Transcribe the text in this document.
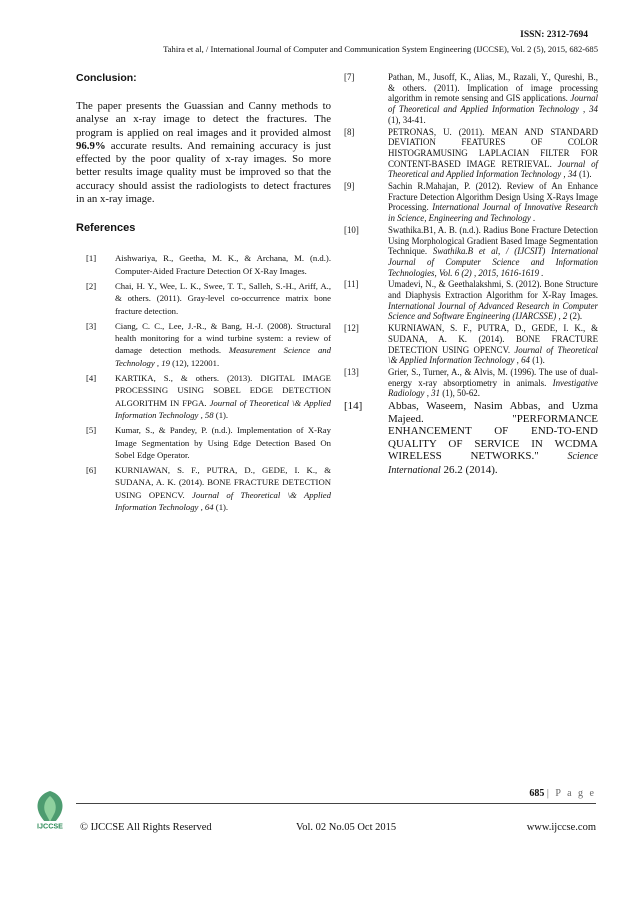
ISSN: 2312-7694
Tahira et al, / International Journal of Computer and Communication System Engineering (IJCCSE), Vol. 2 (5), 2015, 682-685

Conclusion:

The paper presents the Guassian and Canny methods to analyse an x-ray image to detect the fractures. The program is applied on real images and it provided almost 96.9% accurate results. And remaining accuracy is just effected by the poor quality of x-ray images. So more better results image quality must be improved so that the accuracy should assist the radiologists to detect fractures in an x-ray image.

References
[1]	Aishwariya, R., Geetha, M. K., & Archana, M. (n.d.). Computer-Aided Fracture Detection Of X-Ray Images.
[2]	Chai, H. Y., Wee, L. K., Swee, T. T., Salleh, S.-H., Ariff, A., & others. (2011). Gray-level co-occurrence matrix bone fracture detection.
[3]	Ciang, C. C., Lee, J.-R., & Bang, H.-J. (2008). Structural health monitoring for a wind turbine system: a review of damage detection methods. Measurement Science and Technology , 19 (12), 122001.
[4]	KARTIKA, S., & others. (2013). DIGITAL IMAGE PROCESSING USING SOBEL EDGE DETECTION ALGORITHM IN FPGA. Journal of Theoretical \& Applied Information Technology , 58 (1).
[5]	Kumar, S., & Pandey, P. (n.d.). Implementation of X-Ray Image Segmentation by Using Edge Detection Based On Sobel Edge Operator.
[6]	KURNIAWAN, S. F., PUTRA, D., GEDE, I. K., & SUDANA, A. K. (2014). BONE FRACTURE DETECTION USING OPENCV. Journal of Theoretical \& Applied Information Technology , 64 (1).
[7]	Pathan, M., Jusoff, K., Alias, M., Razali, Y., Qureshi, B., & others. (2011). Implication of image processing algorithm in remote sensing and GIS applications. Journal of Theoretical and Applied Information Technology , 34 (1), 34-41.
[8]	PETRONAS, U. (2011). MEAN AND STANDARD DEVIATION FEATURES OF COLOR HISTOGRAMUSING LAPLACIAN FILTER FOR CONTENT-BASED IMAGE RETRIEVAL. Journal of Theoretical and Applied Information Technology , 34 (1).
[9]	Sachin R.Mahajan, P. (2012). Review of An Enhance Fracture Detection Algorithm Design Using X-Rays Image Processing. International Journal of Innovative Research in Science, Engineering and Technology .
[10]	Swathika.B1, A. B. (n.d.). Radius Bone Fracture Detection Using Morphological Gradient Based Image Segmentation Technique. Swathika.B et al, / (IJCSIT) International Journal of Computer Science and Information Technologies, Vol. 6 (2) , 2015, 1616-1619 .
[11]	Umadevi, N., & Geethalakshmi, S. (2012). Bone Structure and Diaphysis Extraction Algorithm for X-Ray Images. International Journal of Advanced Research in Computer Science and Software Engineering (IJARCSSE) , 2 (2).
[12]	KURNIAWAN, S. F., PUTRA, D., GEDE, I. K., & SUDANA, A. K. (2014). BONE FRACTURE DETECTION USING OPENCV. Journal of Theoretical \& Applied Information Technology , 64 (1).
[13]	Grier, S., Turner, A., & Alvis, M. (1996). The use of dual-energy x-ray absorptiometry in animals. Investigative Radiology , 31 (1), 50-62.
[14]	Abbas, Waseem, Nasim Abbas, and Uzma Majeed. "PERFORMANCE ENHANCEMENT OF END-TO-END QUALITY OF SERVICE IN WCDMA WIRELESS NETWORKS." Science International 26.2 (2014).
685 | P a g e
IJCCSE © IJCCSE All Rights Reserved	Vol. 02 No.05 Oct 2015	www.ijccse.com
